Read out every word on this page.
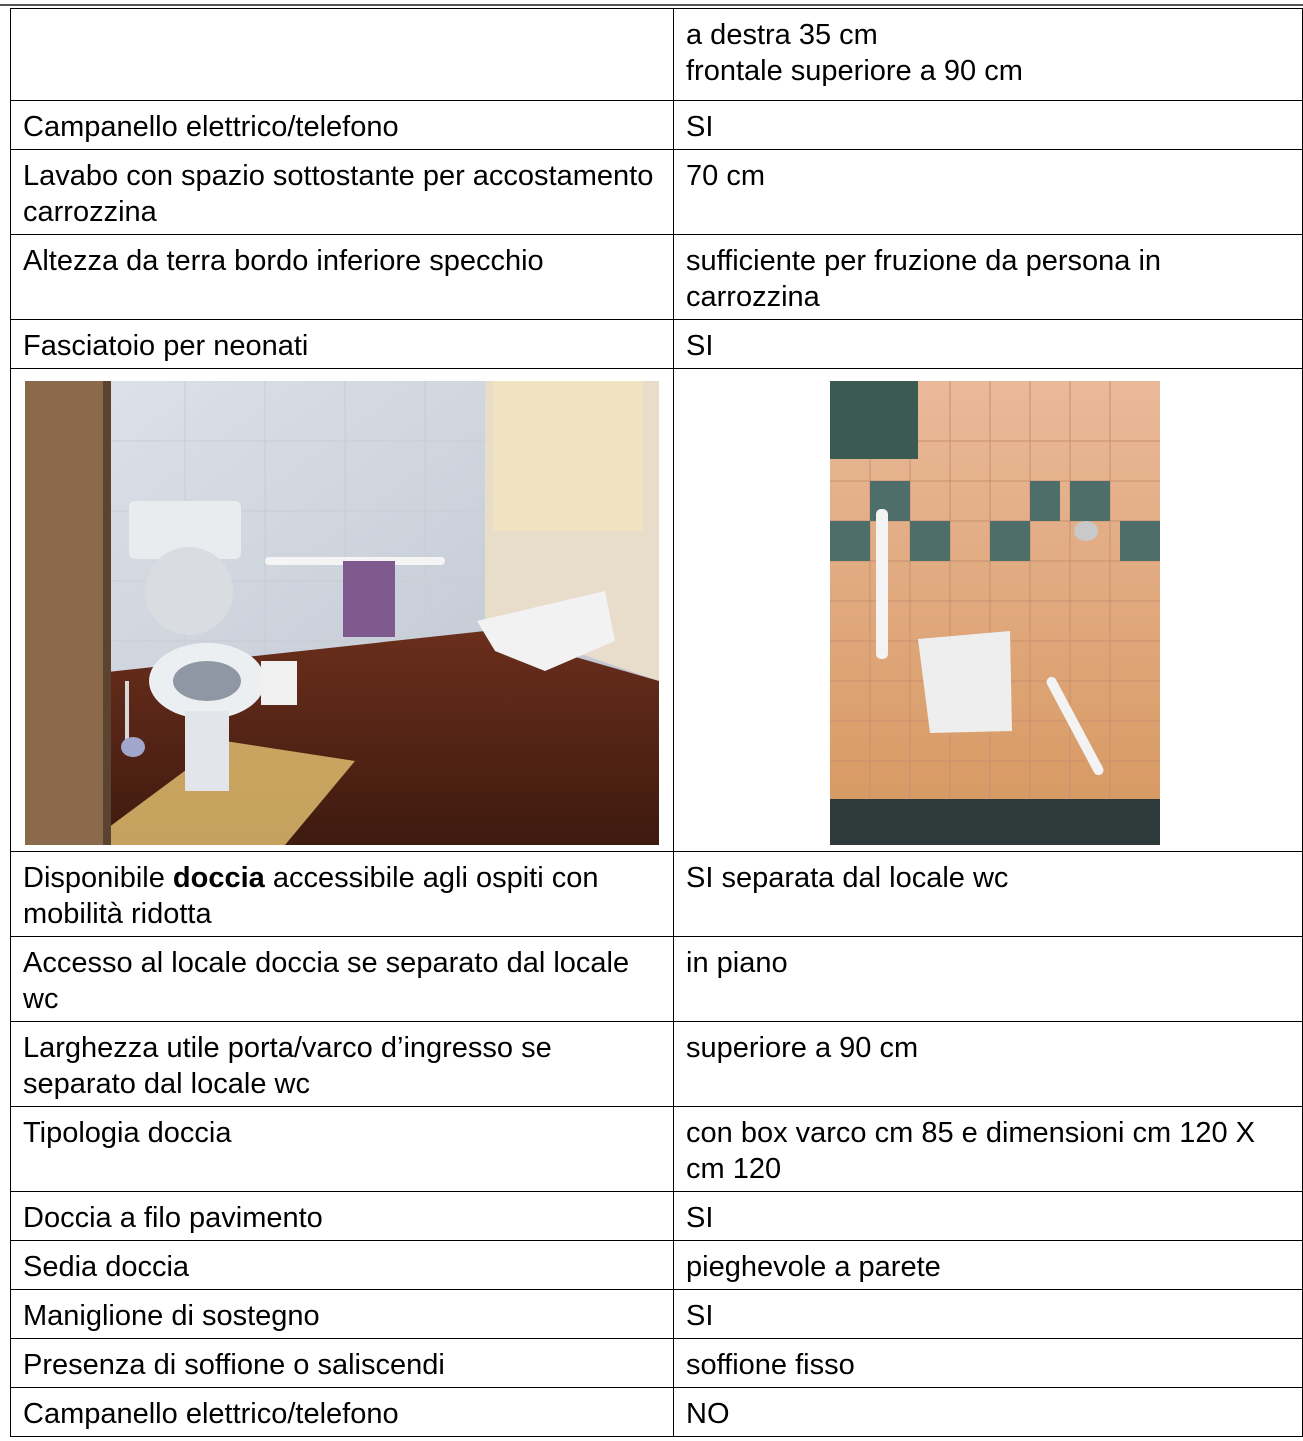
	a destra 35 cm
frontale superiore a 90 cm

Campanello elettrico/telefono	SI
Lavabo con spazio sottostante per accostamento carrozzina	70 cm
Altezza da terra bordo inferiore specchio	sufficiente per fruzione da persona in carrozzina
Fasciatoio per neonati	SI

Disponibile doccia accessibile agli ospiti con mobilità ridotta	SI separata dal locale wc
Accesso al locale doccia se separato dal locale wc	in piano
Larghezza utile porta/varco d’ingresso se separato dal locale wc	superiore a 90 cm
Tipologia doccia	con box varco cm 85 e dimensioni cm 120 X cm 120
Doccia a filo pavimento	SI
Sedia doccia	pieghevole a parete
Maniglione di sostegno	SI
Presenza di soffione o saliscendi	soffione fisso
Campanello elettrico/telefono	NO
